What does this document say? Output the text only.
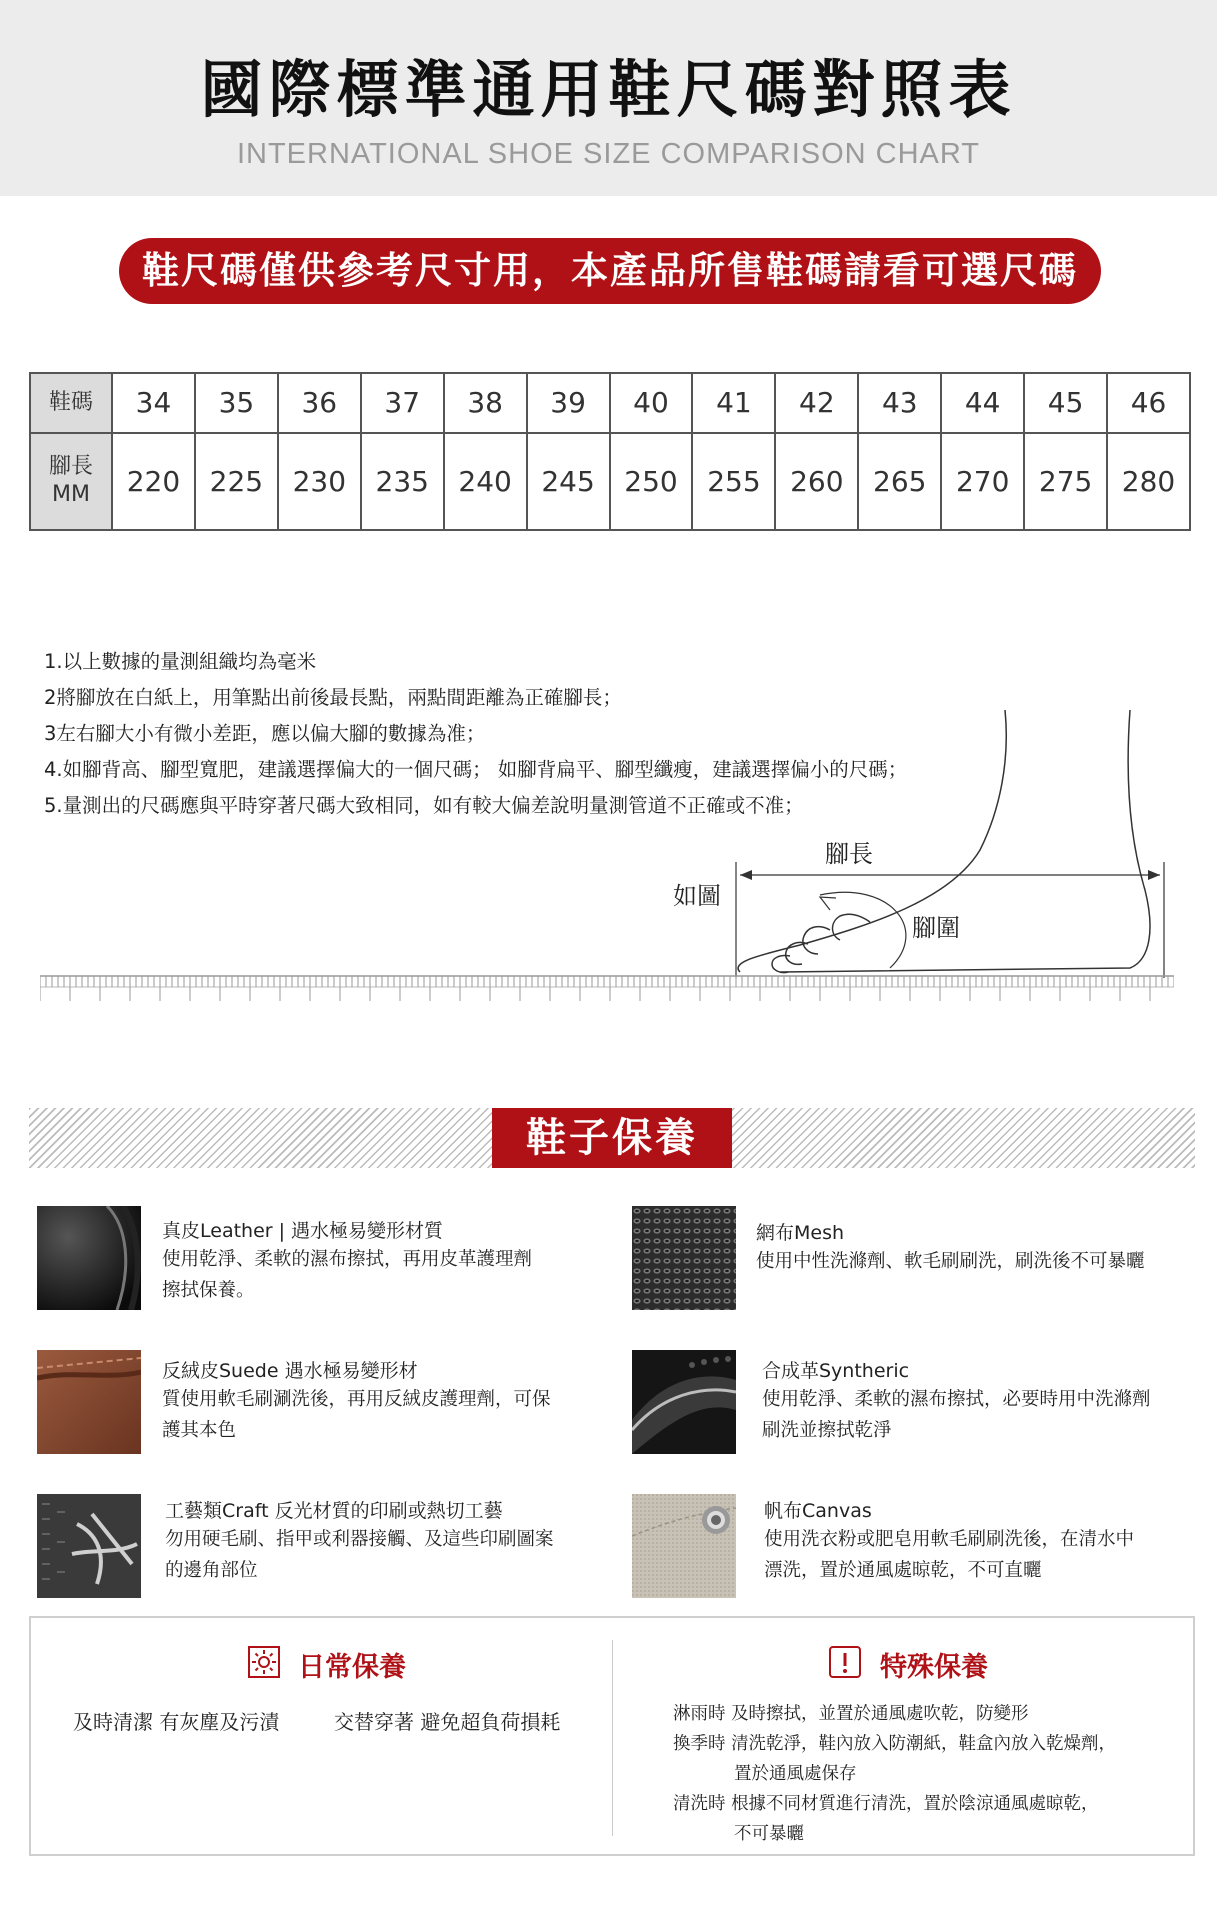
國際標準通用鞋尺碼對照表
INTERNATIONAL SHOE SIZE COMPARISON CHART
鞋尺碼僅供參考尺寸用，本產品所售鞋碼請看可選尺碼
鞋碼	34	35	36	37	38	39	40	41	42	43	44	45	46
腳長
MM	220	225	230	235	240	245	250	255	260	265	270	275	280
1.以上數據的量測組織均為毫米
2將腳放在白紙上，用筆點出前後最長點，兩點間距離為正確腳長；
3左右腳大小有微小差距，應以偏大腳的數據為准；
4.如腳背高、腳型寬肥，建議選擇偏大的一個尺碼； 如腳背扁平、腳型纖瘦，建議選擇偏小的尺碼；
5.量測出的尺碼應與平時穿著尺碼大致相同，如有較大偏差說明量測管道不正確或不准；
如圖
腳長
腳圍
鞋子保養
真皮Leather | 遇水極易變形材質
使用乾淨、柔軟的濕布擦拭，再用皮革護理劑
擦拭保養。
網布Mesh
使用中性洗滌劑、軟毛刷刷洗，刷洗後不可暴曬
反絨皮Suede 遇水極易變形材
質使用軟毛刷涮洗後，再用反絨皮護理劑，可保
護其本色
合成革Syntheric
使用乾淨、柔軟的濕布擦拭，必要時用中洗滌劑
刷洗並擦拭乾淨
工藝類Craft 反光材質的印刷或熱切工藝
勿用硬毛刷、指甲或利器接觸、及這些印刷圖案
的邊角部位
帆布Canvas
使用洗衣粉或肥皂用軟毛刷刷洗後，在清水中
漂洗，置於通風處晾乾，不可直曬
日常保養
及時清潔 有灰塵及污漬	交替穿著 避免超負荷損耗
特殊保養
淋雨時 及時擦拭，並置於通風處吹乾，防變形
換季時 清洗乾淨，鞋內放入防潮紙，鞋盒內放入乾燥劑，
置於通風處保存
清洗時 根據不同材質進行清洗，置於陰涼通風處晾乾，
不可暴曬
